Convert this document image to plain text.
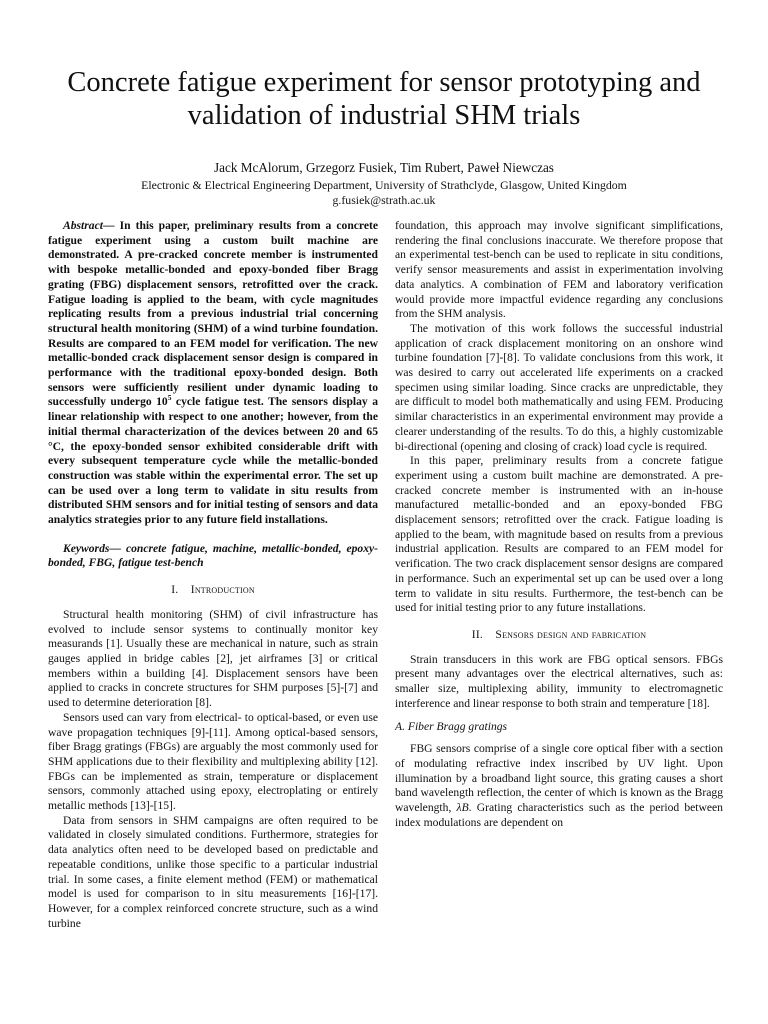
Concrete fatigue experiment for sensor prototyping and validation of industrial SHM trials
Jack McAlorum, Grzegorz Fusiek, Tim Rubert, Paweł Niewczas
Electronic & Electrical Engineering Department, University of Strathclyde, Glasgow, United Kingdom
g.fusiek@strath.ac.uk

Abstract— In this paper, preliminary results from a concrete fatigue experiment using a custom built machine are demonstrated. A pre-cracked concrete member is instrumented with bespoke metallic-bonded and epoxy-bonded fiber Bragg grating (FBG) displacement sensors, retrofitted over the crack. Fatigue loading is applied to the beam, with cycle magnitudes replicating results from a previous industrial trial concerning structural health monitoring (SHM) of a wind turbine foundation. Results are compared to an FEM model for verification. The new metallic-bonded crack displacement sensor design is compared in performance with the traditional epoxy-bonded design. Both sensors were sufficiently resilient under dynamic loading to successfully undergo $10^5$ cycle fatigue test. The sensors display a linear relationship with respect to one another; however, from the initial thermal characterization of the devices between 20 and 65 °C, the epoxy-bonded sensor exhibited considerable drift with every subsequent temperature cycle while the metallic-bonded construction was stable within the experimental error. The set up can be used over a long term to validate in situ results from distributed SHM sensors and for initial testing of sensors and data analytics strategies prior to any future field installations.

Keywords— concrete fatigue, machine, metallic-bonded, epoxy-bonded, FBG, fatigue test-bench

I. Introduction

Structural health monitoring (SHM) of civil infrastructure has evolved to include sensor systems to continually monitor key measurands [1]. Usually these are mechanical in nature, such as strain gauges applied in bridge cables [2], jet airframes [3] or critical members within a building [4]. Displacement sensors have been applied to cracks in concrete structures for SHM purposes [5]-[7] and used to determine deterioration [8].

Sensors used can vary from electrical- to optical-based, or even use wave propagation techniques [9]-[11]. Among optical-based sensors, fiber Bragg gratings (FBGs) are arguably the most commonly used for SHM applications due to their flexibility and multiplexing ability [12]. FBGs can be implemented as strain, temperature or displacement sensors, commonly attached using epoxy, electroplating or entirely metallic methods [13]-[15].

Data from sensors in SHM campaigns are often required to be validated in closely simulated conditions. Furthermore, strategies for data analytics often need to be developed based on predictable and repeatable conditions, unlike those specific to a particular industrial trial. In some cases, a finite element method (FEM) or mathematical model is used for comparison to in situ measurements [16]-[17]. However, for a complex reinforced concrete structure, such as a wind turbine

foundation, this approach may involve significant simplifications, rendering the final conclusions inaccurate. We therefore propose that an experimental test-bench can be used to replicate in situ conditions, verify sensor measurements and assist in experimentation involving data analytics. A combination of FEM and laboratory verification would provide more impactful evidence regarding any conclusions from the SHM analysis.

The motivation of this work follows the successful industrial application of crack displacement monitoring on an onshore wind turbine foundation [7]-[8]. To validate conclusions from this work, it was desired to carry out accelerated life experiments on a cracked specimen using similar loading. Since cracks are unpredictable, they are difficult to model both mathematically and using FEM. Producing similar characteristics in an experimental environment may provide a clearer understanding of the results. To do this, a highly customizable bi-directional (opening and closing of crack) load cycle is required.

In this paper, preliminary results from a concrete fatigue experiment using a custom built machine are demonstrated. A pre-cracked concrete member is instrumented with an in-house manufactured metallic-bonded and an epoxy-bonded FBG displacement sensors; retrofitted over the crack. Fatigue loading is applied to the beam, with magnitude based on results from a previous industrial application. Results are compared to an FEM model for verification. The two crack displacement sensor designs are compared in performance. Such an experimental set up can be used over a long term to validate in situ results. Furthermore, the test-bench can be used for initial testing prior to any future installations.

II. Sensors design and fabrication

Strain transducers in this work are FBG optical sensors. FBGs present many advantages over the electrical alternatives, such as: smaller size, multiplexing ability, immunity to electromagnetic interference and linear response to both strain and temperature [18].

A. Fiber Bragg gratings

FBG sensors comprise of a single core optical fiber with a section of modulating refractive index inscribed by UV light. Upon illumination by a broadband light source, this grating causes a short band wavelength reflection, the center of which is known as the Bragg wavelength, λB. Grating characteristics such as the period between index modulations are dependent on
